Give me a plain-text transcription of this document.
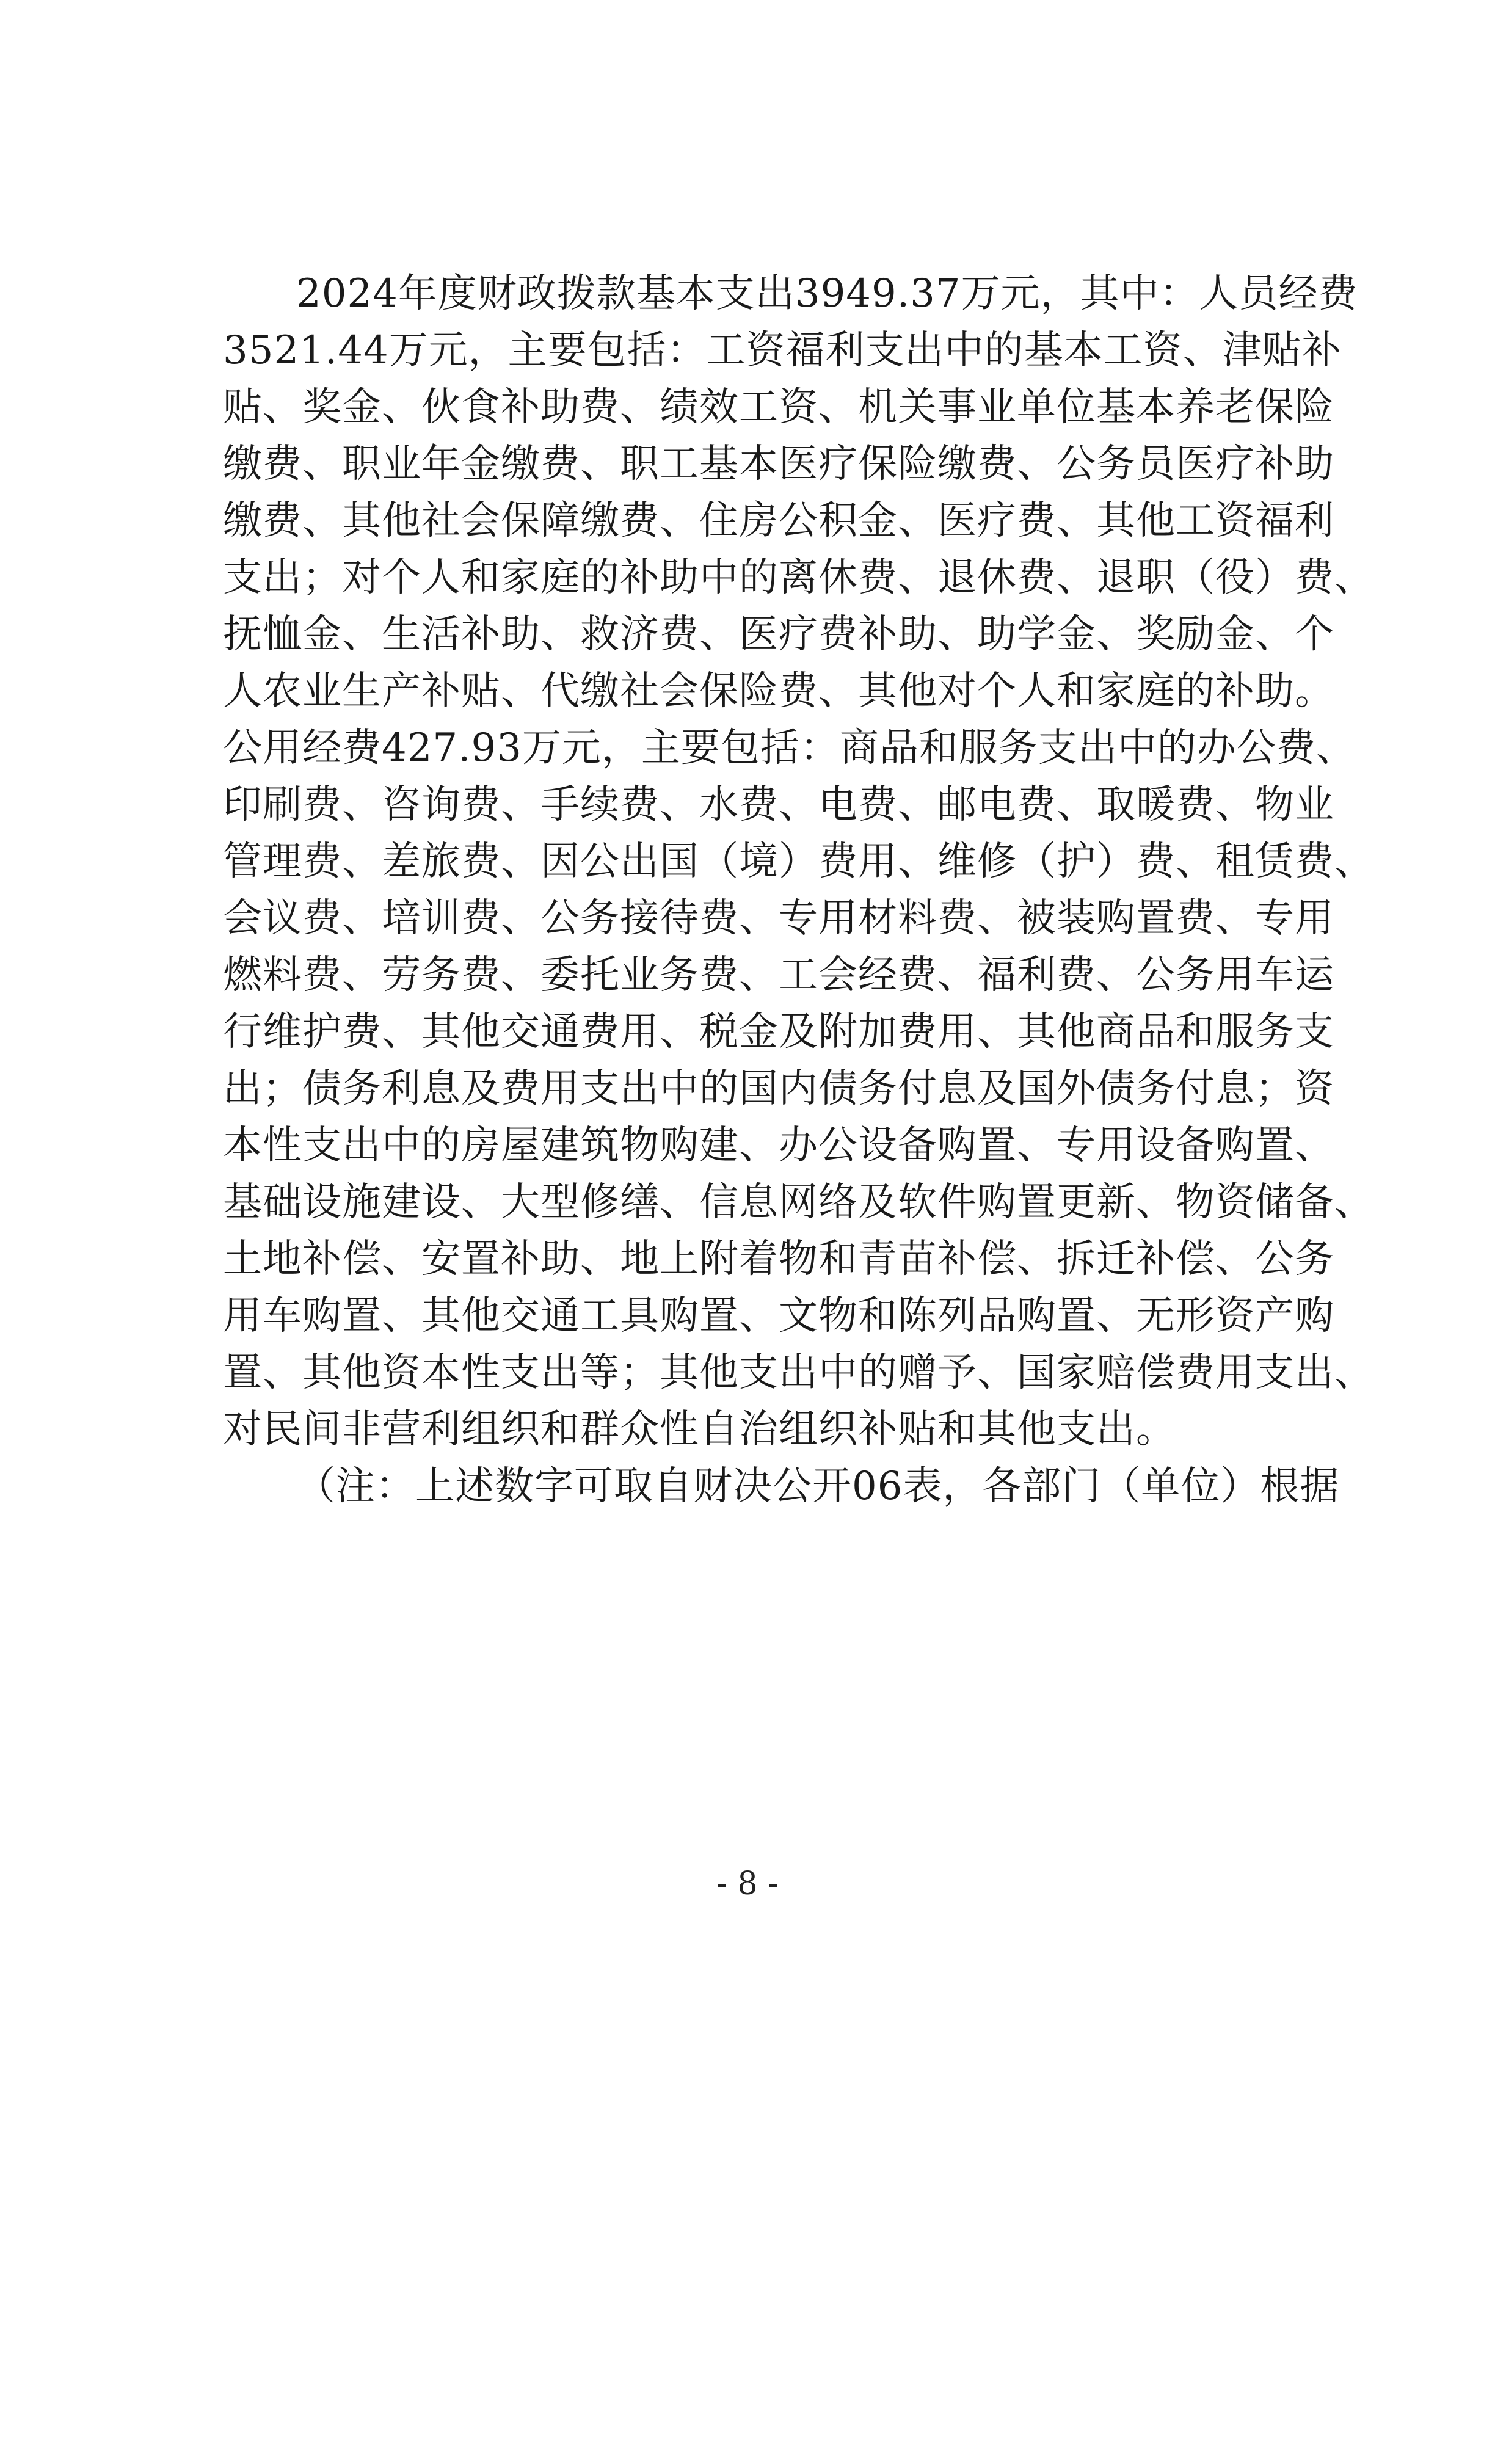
2024年度财政拨款基本支出3949.37万元，其中：人员经费
3521.44万元，主要包括：工资福利支出中的基本工资、津贴补
贴、奖金、伙食补助费、绩效工资、机关事业单位基本养老保险
缴费、职业年金缴费、职工基本医疗保险缴费、公务员医疗补助
缴费、其他社会保障缴费、住房公积金、医疗费、其他工资福利
支出；对个人和家庭的补助中的离休费、退休费、退职（役）费、
抚恤金、生活补助、救济费、医疗费补助、助学金、奖励金、个
人农业生产补贴、代缴社会保险费、其他对个人和家庭的补助。
公用经费427.93万元，主要包括：商品和服务支出中的办公费、
印刷费、咨询费、手续费、水费、电费、邮电费、取暖费、物业
管理费、差旅费、因公出国（境）费用、维修（护）费、租赁费、
会议费、培训费、公务接待费、专用材料费、被装购置费、专用
燃料费、劳务费、委托业务费、工会经费、福利费、公务用车运
行维护费、其他交通费用、税金及附加费用、其他商品和服务支
出；债务利息及费用支出中的国内债务付息及国外债务付息；资
本性支出中的房屋建筑物购建、办公设备购置、专用设备购置、
基础设施建设、大型修缮、信息网络及软件购置更新、物资储备、
土地补偿、安置补助、地上附着物和青苗补偿、拆迁补偿、公务
用车购置、其他交通工具购置、文物和陈列品购置、无形资产购
置、其他资本性支出等；其他支出中的赠予、国家赔偿费用支出、
对民间非营利组织和群众性自治组织补贴和其他支出。
（注：上述数字可取自财决公开06表，各部门（单位）根据
- 8 -
